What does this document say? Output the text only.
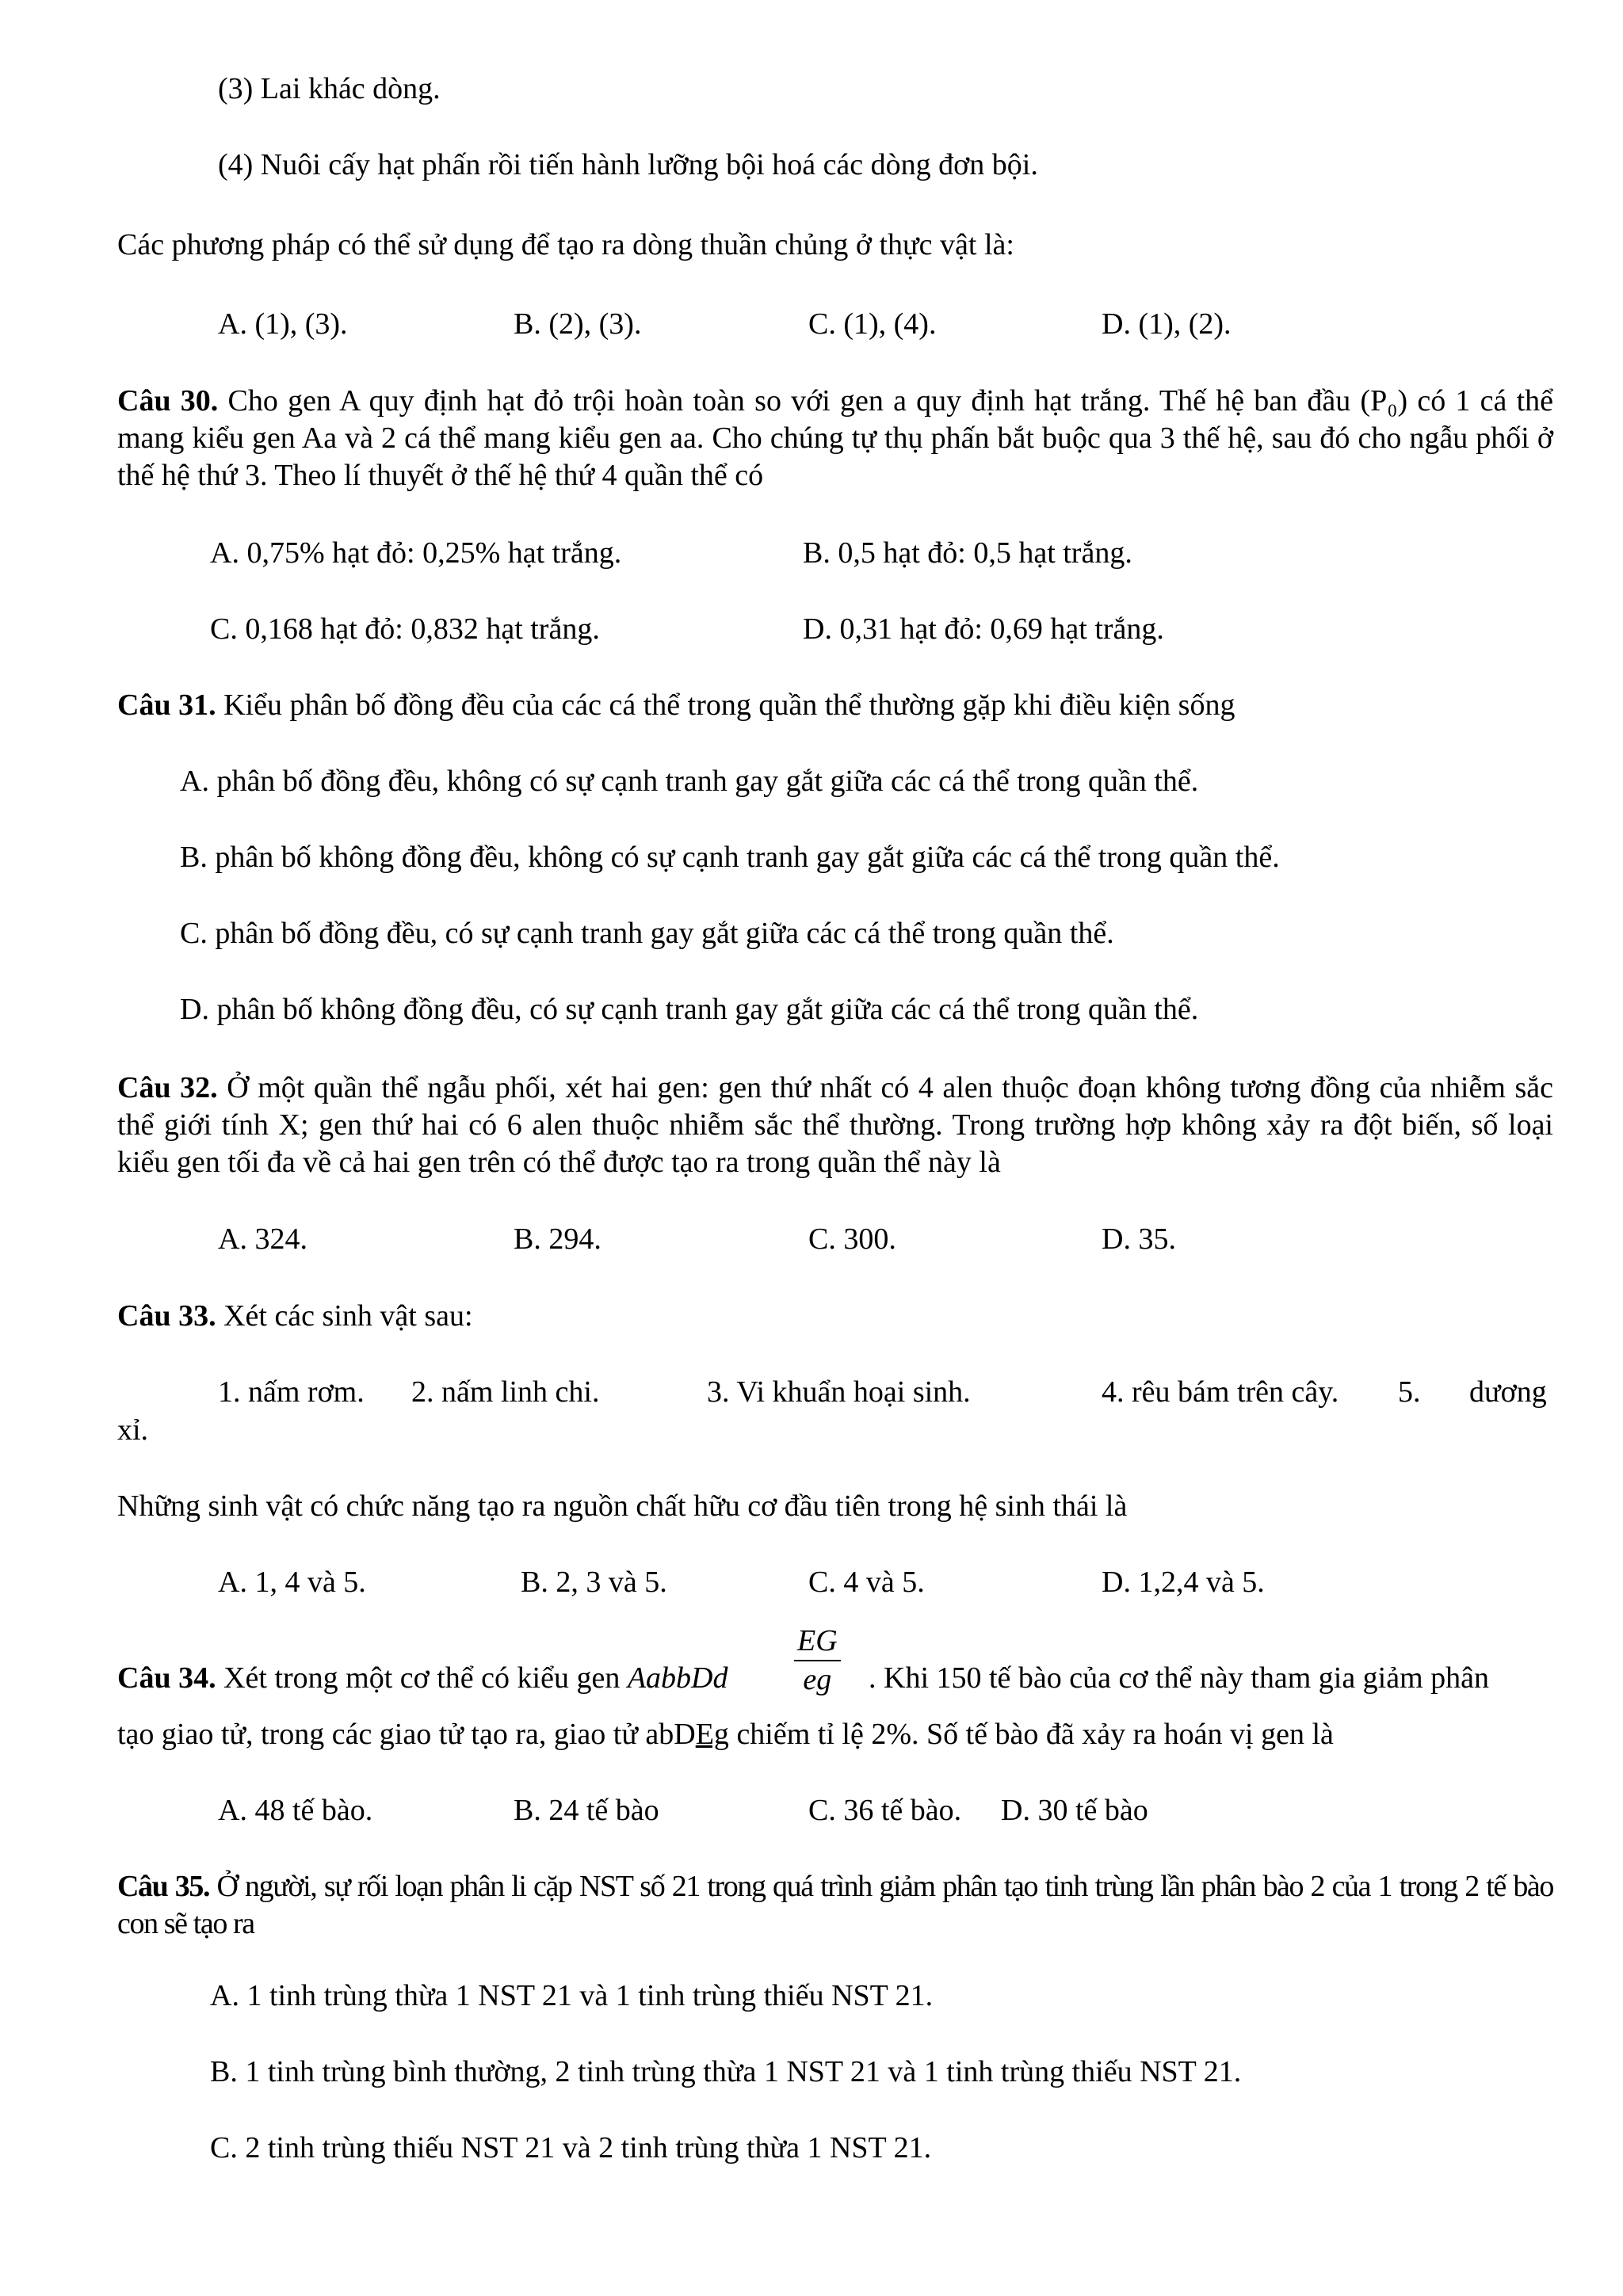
(3) Lai khác dòng.
(4) Nuôi cấy hạt phấn rồi tiến hành lưỡng bội hoá các dòng đơn bội.
Các phương pháp có thể sử dụng để tạo ra dòng thuần chủng ở thực vật là:
A. (1), (3).	B. (2), (3).	C. (1), (4).	D. (1), (2).
Câu 30. Cho gen A quy định hạt đỏ trội hoàn toàn so với gen a quy định hạt trắng. Thế hệ ban đầu (P₀) có 1 cá thể mang kiểu gen Aa và 2 cá thể mang kiểu gen aa. Cho chúng tự thụ phấn bắt buộc qua 3 thế hệ, sau đó cho ngẫu phối ở thế hệ thứ 3. Theo lí thuyết ở thế hệ thứ 4 quần thể có
A. 0,75% hạt đỏ: 0,25% hạt trắng.	B. 0,5 hạt đỏ: 0,5 hạt trắng.
C. 0,168 hạt đỏ: 0,832 hạt trắng.	D. 0,31 hạt đỏ: 0,69 hạt trắng.
Câu 31. Kiểu phân bố đồng đều của các cá thể trong quần thể thường gặp khi điều kiện sống
A. phân bố đồng đều, không có sự cạnh tranh gay gắt giữa các cá thể trong quần thể.
B. phân bố không đồng đều, không có sự cạnh tranh gay gắt giữa các cá thể trong quần thể.
C. phân bố đồng đều, có sự cạnh tranh gay gắt giữa các cá thể trong quần thể.
D. phân bố không đồng đều, có sự cạnh tranh gay gắt giữa các cá thể trong quần thể.
Câu 32. Ở một quần thể ngẫu phối, xét hai gen: gen thứ nhất có 4 alen thuộc đoạn không tương đồng của nhiễm sắc thể giới tính X; gen thứ hai có 6 alen thuộc nhiễm sắc thể thường. Trong trường hợp không xảy ra đột biến, số loại kiểu gen tối đa về cả hai gen trên có thể được tạo ra trong quần thể này là
A. 324.	B. 294.	C. 300.	D. 35.
Câu 33. Xét các sinh vật sau:
1. nấm rơm. 2. nấm linh chi.	3. Vi khuẩn hoại sinh.	4. rêu bám trên cây. 5. dương
xỉ.
Những sinh vật có chức năng tạo ra nguồn chất hữu cơ đầu tiên trong hệ sinh thái là
A. 1, 4 và 5.	B. 2, 3 và 5.	C. 4 và 5.	D. 1,2,4 và 5.
Câu 34. Xét trong một cơ thể có kiểu gen AabbDd $\frac{EG}{eg}$ . Khi 150 tế bào của cơ thể này tham gia giảm phân
tạo giao tử, trong các giao tử tạo ra, giao tử abDEg chiếm tỉ lệ 2%. Số tế bào đã xảy ra hoán vị gen là
A. 48 tế bào.	B. 24 tế bào	C. 36 tế bào. D. 30 tế bào
Câu 35. Ở người, sự rối loạn phân li cặp NST số 21 trong quá trình giảm phân tạo tinh trùng lần phân bào 2 của 1 trong 2 tế bào con sẽ tạo ra
A. 1 tinh trùng thừa 1 NST 21 và 1 tinh trùng thiếu NST 21.
B. 1 tinh trùng bình thường, 2 tinh trùng thừa 1 NST 21 và 1 tinh trùng thiếu NST 21.
C. 2 tinh trùng thiếu NST 21 và 2 tinh trùng thừa 1 NST 21.
